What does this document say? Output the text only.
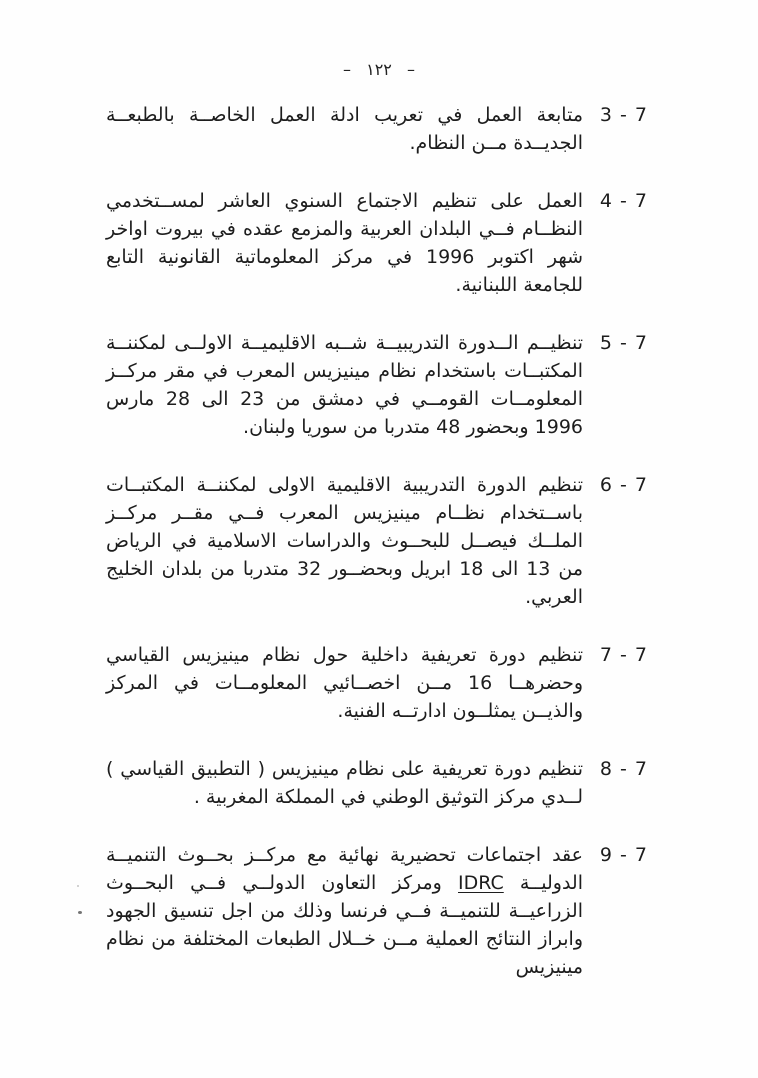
– ١٢٢ –
7 - 3
متابعة العمل في تعريب ادلة العمل الخاصــة بالطبعــة الجديــدة مــن النظام.
7 - 4
العمل على تنظيم الاجتماع السنوي العاشر لمســتخدمي النظــام فــي البلدان العربية والمزمع عقده في بيروت اواخر شهر اكتوبر 1996 في مركز المعلوماتية القانونية التابع للجامعة اللبنانية.
7 - 5
تنظيــم الــدورة التدريبيــة شــبه الاقليميــة الاولــى لمكننــة المكتبــات باستخدام نظام مينيزيس المعرب في مقر مركــز المعلومــات القومــي في دمشق من 23 الى 28 مارس 1996 وبحضور 48 متدربا من سوريا ولبنان.
7 - 6
تنظيم الدورة التدريبية الاقليمية الاولى لمكننــة المكتبــات باســتخدام نظــام مينيزيس المعرب فــي مقــر مركــز الملــك فيصــل للبحــوث والدراسات الاسلامية في الرياض من 13 الى 18 ابريل وبحضــور 32 متدربا من بلدان الخليج العربي.
7 - 7
تنظيم دورة تعريفية داخلية حول نظام مينيزيس القياسي وحضرهــا 16 مــن اخصــائيي المعلومــات في المركز والذيــن يمثلــون ادارتــه الفنية.
7 - 8
تنظيم دورة تعريفية على نظام مينيزيس ( التطبيق القياسي ) لــدي مركز التوثيق الوطني في المملكة المغربية .
7 - 9
عقد اجتماعات تحضيرية نهائية مع مركــز بحــوث التنميــة الدوليــة IDRC ومركز التعاون الدولــي فــي البحــوث الزراعيــة للتنميــة فــي فرنسا وذلك من اجل تنسيق الجهود وابراز النتائج العملية مــن خــلال الطبعات المختلفة من نظام مينيزيس
